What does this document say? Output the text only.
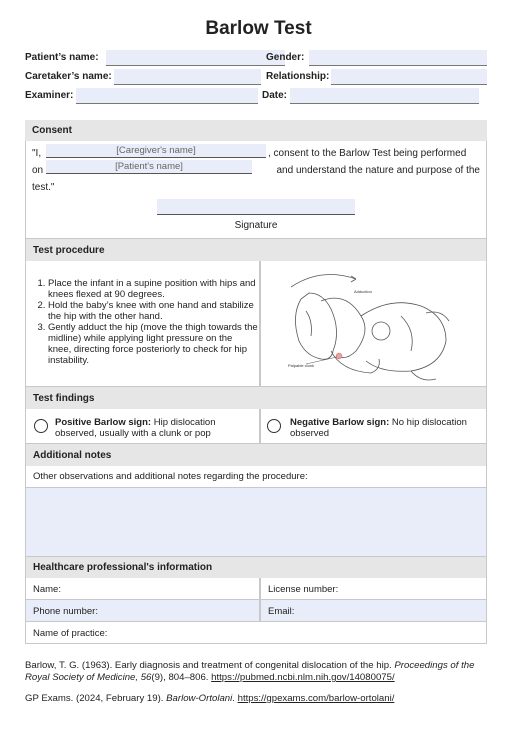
Barlow Test
Patient’s name:	Gender:
Caretaker’s name:	Relationship:
Examiner:	Date:
Consent
"I,	, consent to the Barlow Test being performed
[Caregiver's name]
on	and understand the nature and purpose of the
[Patient's name]
test."
Signature
Test procedure
Adduction
Palpable clunk
1. Place the infant in a supine position with hips and knees flexed at 90 degrees.
2. Hold the baby’s knee with one hand and stabilize the hip with the other hand.
3. Gently adduct the hip (move the thigh towards the midline) while applying light pressure on the knee, directing force posteriorly to check for hip instability.
Test findings
Positive Barlow sign: Hip dislocation observed, usually with a clunk or pop
Negative Barlow sign: No hip dislocation observed
Additional notes
Other observations and additional notes regarding the procedure:
Healthcare professional's information
Name:	License number:
Phone number:	Email:
Name of practice:
Barlow, T. G. (1963). Early diagnosis and treatment of congenital dislocation of the hip. Proceedings of the Royal Society of Medicine, 56(9), 804–806. https://pubmed.ncbi.nlm.nih.gov/14080075/
GP Exams. (2024, February 19). Barlow-Ortolani. https://gpexams.com/barlow-ortolani/
